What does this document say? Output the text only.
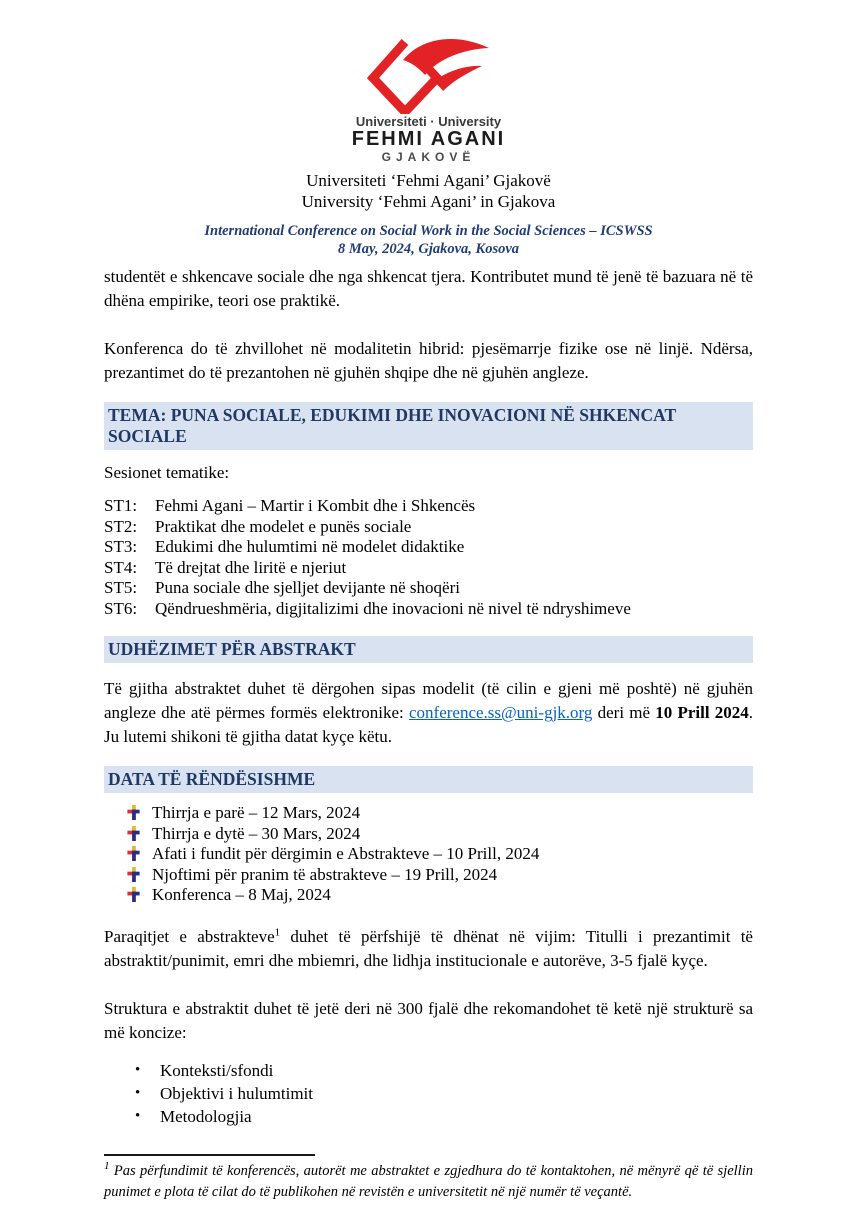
Universiteti · University
FEHMI AGANI
GJAKOVË
Universiteti ‘Fehmi Agani’ Gjakovë
University ‘Fehmi Agani’ in Gjakova
International Conference on Social Work in the Social Sciences – ICSWSS
8 May, 2024, Gjakova, Kosova

studentët e shkencave sociale dhe nga shkencat tjera. Kontributet mund të jenë të bazuara në të dhëna empirike, teori ose praktikë.

Konferenca do të zhvillohet në modalitetin hibrid: pjesëmarrje fizike ose në linjë. Ndërsa, prezantimet do të prezantohen në gjuhën shqipe dhe në gjuhën angleze.

TEMA: PUNA SOCIALE, EDUKIMI DHE INOVACIONI NË SHKENCAT SOCIALE

Sesionet tematike:

ST1:	Fehmi Agani – Martir i Kombit dhe i Shkencës
ST2:	Praktikat dhe modelet e punës sociale
ST3:	Edukimi dhe hulumtimi në modelet didaktike
ST4:	Të drejtat dhe liritë e njeriut
ST5:	Puna sociale dhe sjelljet devijante në shoqëri
ST6:	Qëndrueshmëria, digjitalizimi dhe inovacioni në nivel të ndryshimeve
UDHËZIMET PËR ABSTRAKT

Të gjitha abstraktet duhet të dërgohen sipas modelit (të cilin e gjeni më poshtë) në gjuhën angleze dhe atë përmes formës elektronike: conference.ss@uni-gjk.org deri më 10 Prill 2024. Ju lutemi shikoni të gjitha datat kyçe këtu.

DATA TË RËNDËSISHME
Thirrja e parë – 12 Mars, 2024
Thirrja e dytë – 30 Mars, 2024
Afati i fundit për dërgimin e Abstrakteve – 10 Prill, 2024
Njoftimi për pranim të abstrakteve – 19 Prill, 2024
Konferenca – 8 Maj, 2024

Paraqitjet e abstrakteve$^1$ duhet të përfshijë të dhënat në vijim: Titulli i prezantimit të abstraktit/punimit, emri dhe mbiemri, dhe lidhja institucionale e autorëve, 3-5 fjalë kyçe.

Struktura e abstraktit duhet të jetë deri në 300 fjalë dhe rekomandohet të ketë një strukturë sa më koncize:

•	Konteksti/sfondi
•	Objektivi i hulumtimit
•	Metodologjia

$^1$ Pas përfundimit të konferencës, autorët me abstraktet e zgjedhura do të kontaktohen, në mënyrë që të sjellin punimet e plota të cilat do të publikohen në revistën e universitetit në një numër të veçantë.
